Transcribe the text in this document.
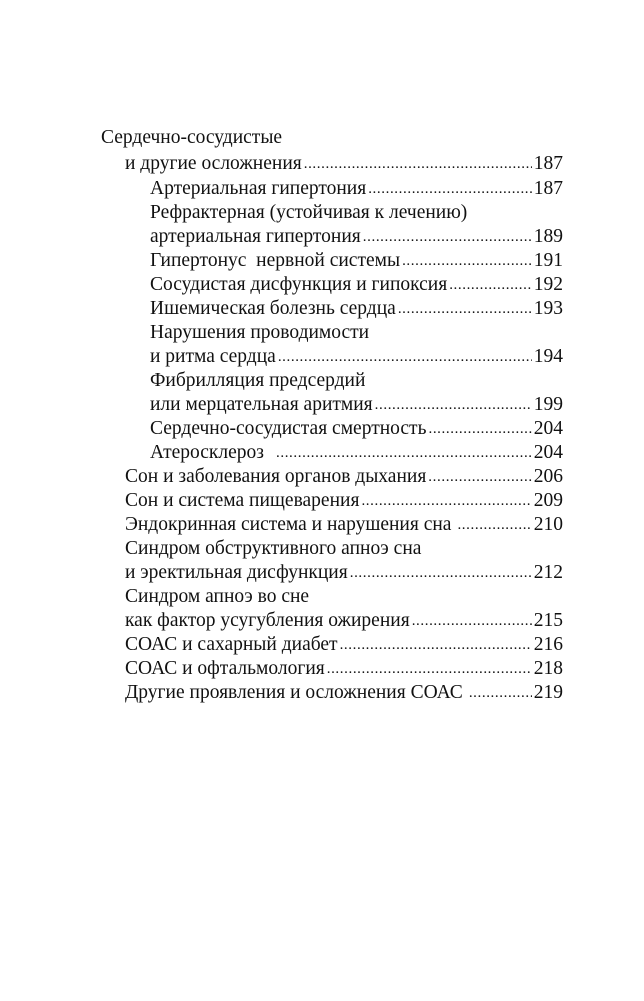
Сердечно-сосудистые
и другие осложнения .....	187
Артериальная гипертония .....	187
Рефрактерная (устойчивая к лечению)
артериальная гипертония .....	189
Гипертонус  нервной системы .....	191
Сосудистая дисфункция и гипоксия .....	192
Ишемическая болезнь сердца .....	193
Нарушения проводимости
и ритма сердца .....	194
Фибрилляция предсердий
или мерцательная аритмия .....	199
Сердечно-сосудистая смертность .....	204
Атеросклероз .....	204
Сон и заболевания органов дыхания .....	206
Сон и система пищеварения .....	209
Эндокринная система и нарушения сна .....	210
Синдром обструктивного апноэ сна
и эректильная дисфункция .....	212
Синдром апноэ во сне
как фактор усугубления ожирения .....	215
СОАС и сахарный диабет .....	216
СОАС и офтальмология .....	218
Другие проявления и осложнения СОАС .....	219
